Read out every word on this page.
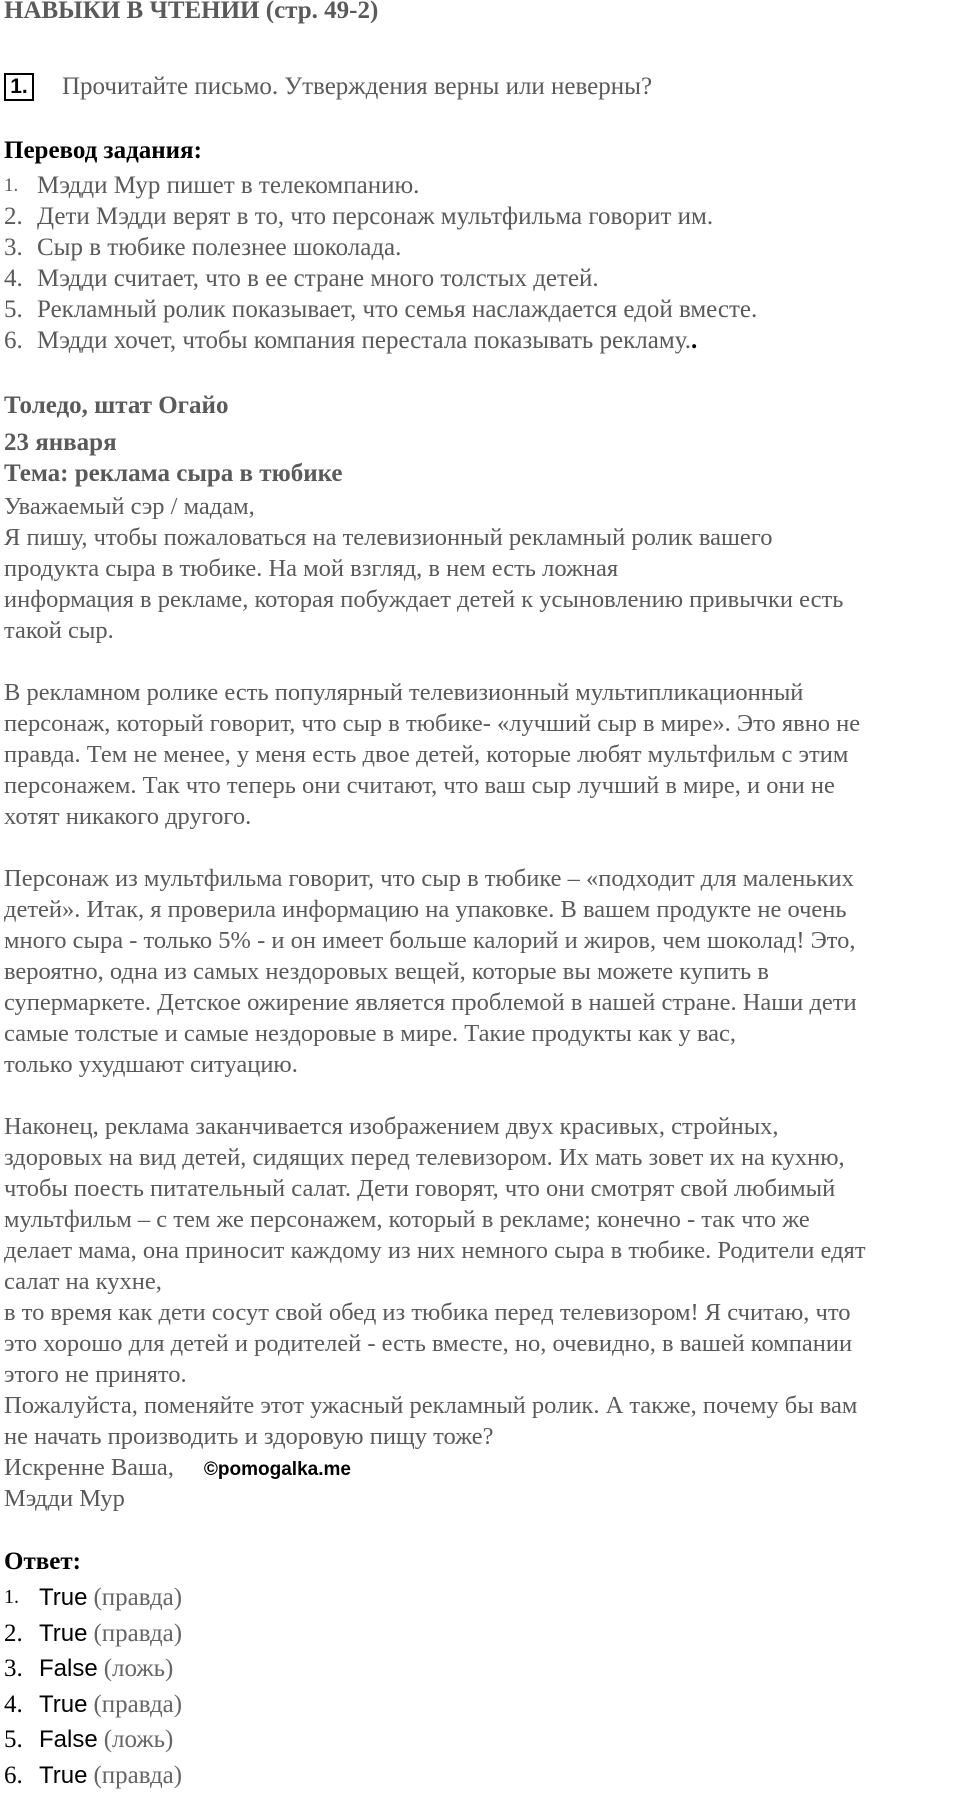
НАВЫКИ В ЧТЕНИИ (стр. 49-2)
1. Прочитайте письмо. Утверждения верны или неверны?
Перевод задания:
1. Мэдди Мур пишет в телекомпанию.
2. Дети Мэдди верят в то, что персонаж мультфильма говорит им.
3. Сыр в тюбике полезнее шоколада.
4. Мэдди считает, что в ее стране много толстых детей.
5. Рекламный ролик показывает, что семья наслаждается едой вместе.
6. Мэдди хочет, чтобы компания перестала показывать рекламу. .
Толедо, штат Огайо
23 января
Тема: реклама сыра в тюбике
Уважаемый сэр / мадам,
Я пишу, чтобы пожаловаться на телевизионный рекламный ролик вашего
продукта сыра в тюбике. На мой взгляд, в нем есть ложная
информация в рекламе, которая побуждает детей к усыновлению привычки есть
такой сыр.
В рекламном ролике есть популярный телевизионный мультипликационный
персонаж, который говорит, что сыр в тюбике- «лучший сыр в мире». Это явно не
правда. Тем не менее, у меня есть двое детей, которые любят мультфильм с этим
персонажем. Так что теперь они считают, что ваш сыр лучший в мире, и они не
хотят никакого другого.
Персонаж из мультфильма говорит, что сыр в тюбике – «подходит для маленьких
детей». Итак, я проверила информацию на упаковке. В вашем продукте не очень
много сыра - только 5% - и он имеет больше калорий и жиров, чем шоколад! Это,
вероятно, одна из самых нездоровых вещей, которые вы можете купить в
супермаркете. Детское ожирение является проблемой в нашей стране. Наши дети
самые толстые и самые нездоровые в мире. Такие продукты как у вас,
только ухудшают ситуацию.
Наконец, реклама заканчивается изображением двух красивых, стройных,
здоровых на вид детей, сидящих перед телевизором. Их мать зовет их на кухню,
чтобы поесть питательный салат. Дети говорят, что они смотрят свой любимый
мультфильм – с тем же персонажем, который в рекламе; конечно - так что же
делает мама, она приносит каждому из них немного сыра в тюбике. Родители едят
салат на кухне,
в то время как дети сосут свой обед из тюбика перед телевизором! Я считаю, что
это хорошо для детей и родителей - есть вместе, но, очевидно, в вашей компании
этого не принято.
Пожалуйста, поменяйте этот ужасный рекламный ролик. А также, почему бы вам
не начать производить и здоровую пищу тоже?
Искренне Ваша, ©pomogalka.me
Мэдди Мур
Ответ:
1. True (правда)
2. True (правда)
3. False (ложь)
4. True (правда)
5. False (ложь)
6. True (правда)
